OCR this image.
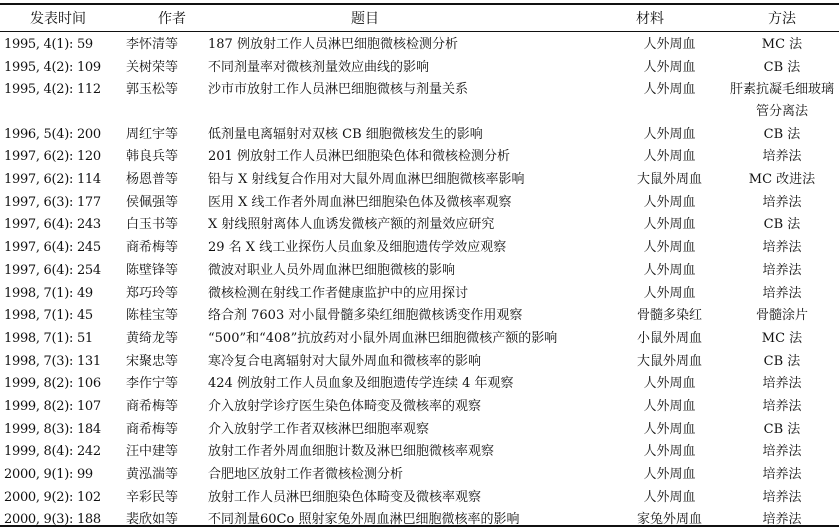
发表时间	作者	题目	材料	方法
1995, 4(1): 59	李怀清等	187 例放射工作人员淋巴细胞微核检测分析	人外周血	MC 法
1995, 4(2): 109	关树荣等	不同剂量率对微核剂量效应曲线的影响	人外周血	CB 法
1995, 4(2): 112	郭玉松等	沙市市放射工作人员淋巴细胞微核与剂量关系	人外周血	肝素抗凝毛细玻璃管分离法
1996, 5(4): 200	周红宇等	低剂量电离辐射对双核 CB 细胞微核发生的影响	人外周血	CB 法
1997, 6(2): 120	韩良兵等	201 例放射工作人员淋巴细胞染色体和微核检测分析	人外周血	培养法
1997, 6(2): 114	杨恩普等	铅与 X 射线复合作用对大鼠外周血淋巴细胞微核率影响	大鼠外周血	MC 改进法
1997, 6(3): 177	侯佩强等	医用 X 线工作者外周血淋巴细胞染色体及微核率观察	人外周血	培养法
1997, 6(4): 243	白玉书等	X 射线照射离体人血诱发微核产额的剂量效应研究	人外周血	CB 法
1997, 6(4): 245	商希梅等	29 名 X 线工业探伤人员血象及细胞遗传学效应观察	人外周血	培养法
1997, 6(4): 254	陈壁锋等	微波对职业人员外周血淋巴细胞微核的影响	人外周血	培养法
1998, 7(1): 49	郑巧玲等	微核检测在射线工作者健康监护中的应用探讨	人外周血	培养法
1998, 7(1): 45	陈桂宝等	络合剂 7603 对小鼠骨髓多染红细胞微核诱变作用观察	骨髓多染红	骨髓涂片
1998, 7(1): 51	黄绮龙等	“500”和“408”抗放药对小鼠外周血淋巴细胞微核产额的影响	小鼠外周血	MC 法
1998, 7(3): 131	宋聚忠等	寒冷复合电离辐射对大鼠外周血和微核率的影响	大鼠外周血	CB 法
1999, 8(2): 106	李作宁等	424 例放射工作人员血象及细胞遗传学连续 4 年观察	人外周血	培养法
1999, 8(2): 107	商希梅等	介入放射学诊疗医生染色体畸变及微核率的观察	人外周血	培养法
1999, 8(3): 184	商希梅等	介入放射学工作者双核淋巴细胞率观察	人外周血	CB 法
1999, 8(4): 242	汪中建等	放射工作者外周血细胞计数及淋巴细胞微核率观察	人外周血	培养法
2000, 9(1): 99	黄泓湍等	合肥地区放射工作者微核检测分析	人外周血	培养法
2000, 9(2): 102	辛彩民等	放射工作人员淋巴细胞染色体畸变及微核率观察	人外周血	培养法
2000, 9(3): 188	裴欣如等	不同剂量60Co 照射家兔外周血淋巴细胞微核率的影响	家兔外周血	培养法
